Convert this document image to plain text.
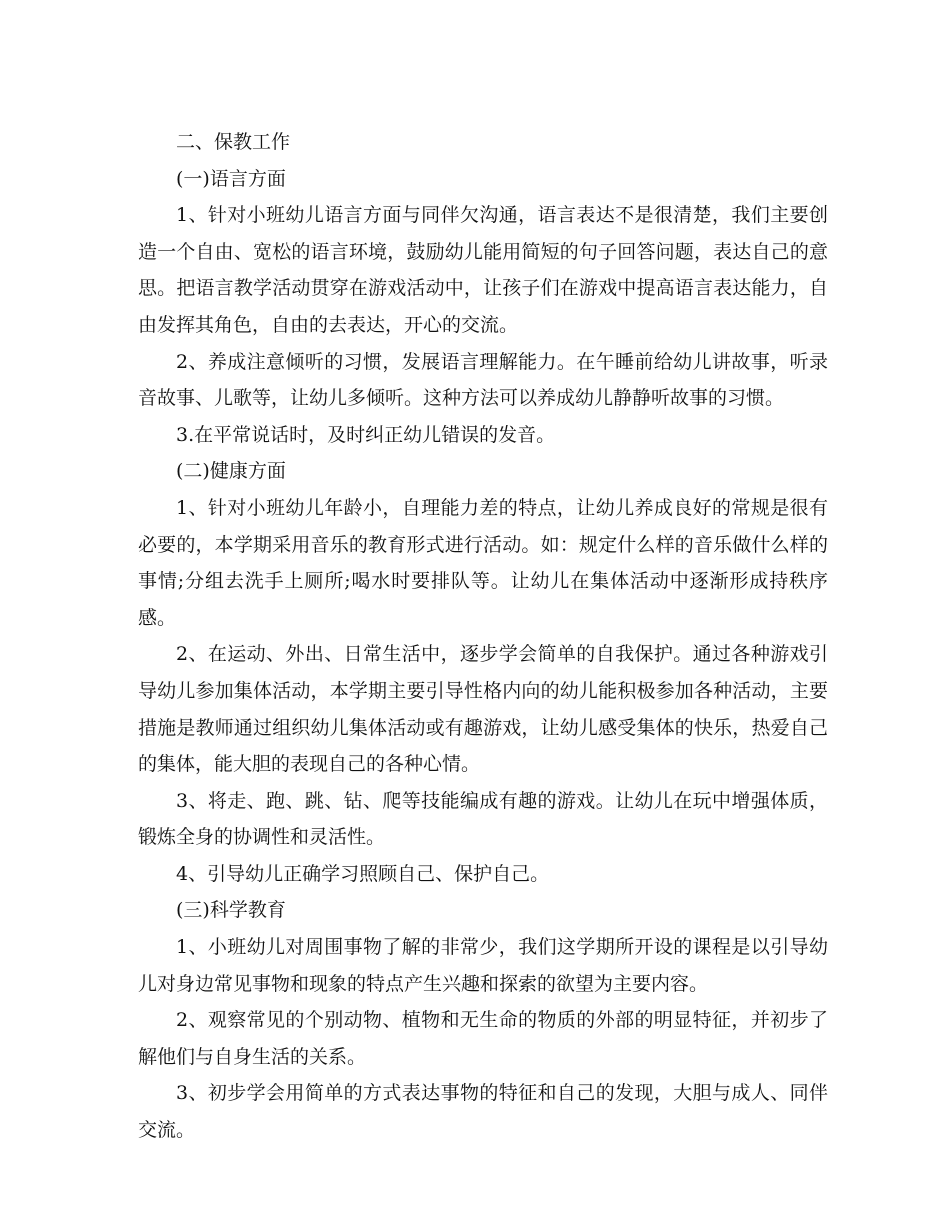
二、保教工作

(一)语言方面

1、针对小班幼儿语言方面与同伴欠沟通，语言表达不是很清楚，我们主要创造一个自由、宽松的语言环境，鼓励幼儿能用简短的句子回答问题，表达自己的意思。把语言教学活动贯穿在游戏活动中，让孩子们在游戏中提高语言表达能力，自由发挥其角色，自由的去表达，开心的交流。

2、养成注意倾听的习惯，发展语言理解能力。在午睡前给幼儿讲故事，听录音故事、儿歌等，让幼儿多倾听。这种方法可以养成幼儿静静听故事的习惯。

3.在平常说话时，及时纠正幼儿错误的发音。

(二)健康方面

1、针对小班幼儿年龄小，自理能力差的特点，让幼儿养成良好的常规是很有必要的，本学期采用音乐的教育形式进行活动。如：规定什么样的音乐做什么样的事情;分组去洗手上厕所;喝水时要排队等。让幼儿在集体活动中逐渐形成持秩序感。

2、在运动、外出、日常生活中，逐步学会简单的自我保护。通过各种游戏引导幼儿参加集体活动，本学期主要引导性格内向的幼儿能积极参加各种活动，主要措施是教师通过组织幼儿集体活动或有趣游戏，让幼儿感受集体的快乐，热爱自己的集体，能大胆的表现自己的各种心情。

3、将走、跑、跳、钻、爬等技能编成有趣的游戏。让幼儿在玩中增强体质，锻炼全身的协调性和灵活性。

4、引导幼儿正确学习照顾自己、保护自己。

(三)科学教育

1、小班幼儿对周围事物了解的非常少，我们这学期所开设的课程是以引导幼儿对身边常见事物和现象的特点产生兴趣和探索的欲望为主要内容。

2、观察常见的个别动物、植物和无生命的物质的外部的明显特征，并初步了解他们与自身生活的关系。

3、初步学会用简单的方式表达事物的特征和自己的发现，大胆与成人、同伴交流。
